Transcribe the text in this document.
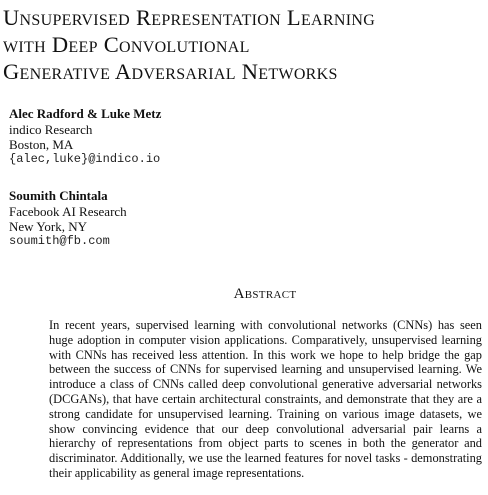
Unsupervised Representation Learning
with Deep Convolutional
Generative Adversarial Networks
Alec Radford & Luke Metz
indico Research
Boston, MA
{alec,luke}@indico.io
Soumith Chintala
Facebook AI Research
New York, NY
soumith@fb.com
Abstract
In recent years, supervised learning with convolutional networks (CNNs) has seen huge adoption in computer vision applications. Comparatively, unsupervised learning with CNNs has received less attention. In this work we hope to help bridge the gap between the success of CNNs for supervised learning and unsupervised learning. We introduce a class of CNNs called deep convolutional generative adversarial networks (DCGANs), that have certain architectural constraints, and demonstrate that they are a strong candidate for unsupervised learning. Training on various image datasets, we show convincing evidence that our deep convolutional adversarial pair learns a hierarchy of representations from object parts to scenes in both the generator and discriminator. Additionally, we use the learned features for novel tasks - demonstrating their applicability as general image representations.
